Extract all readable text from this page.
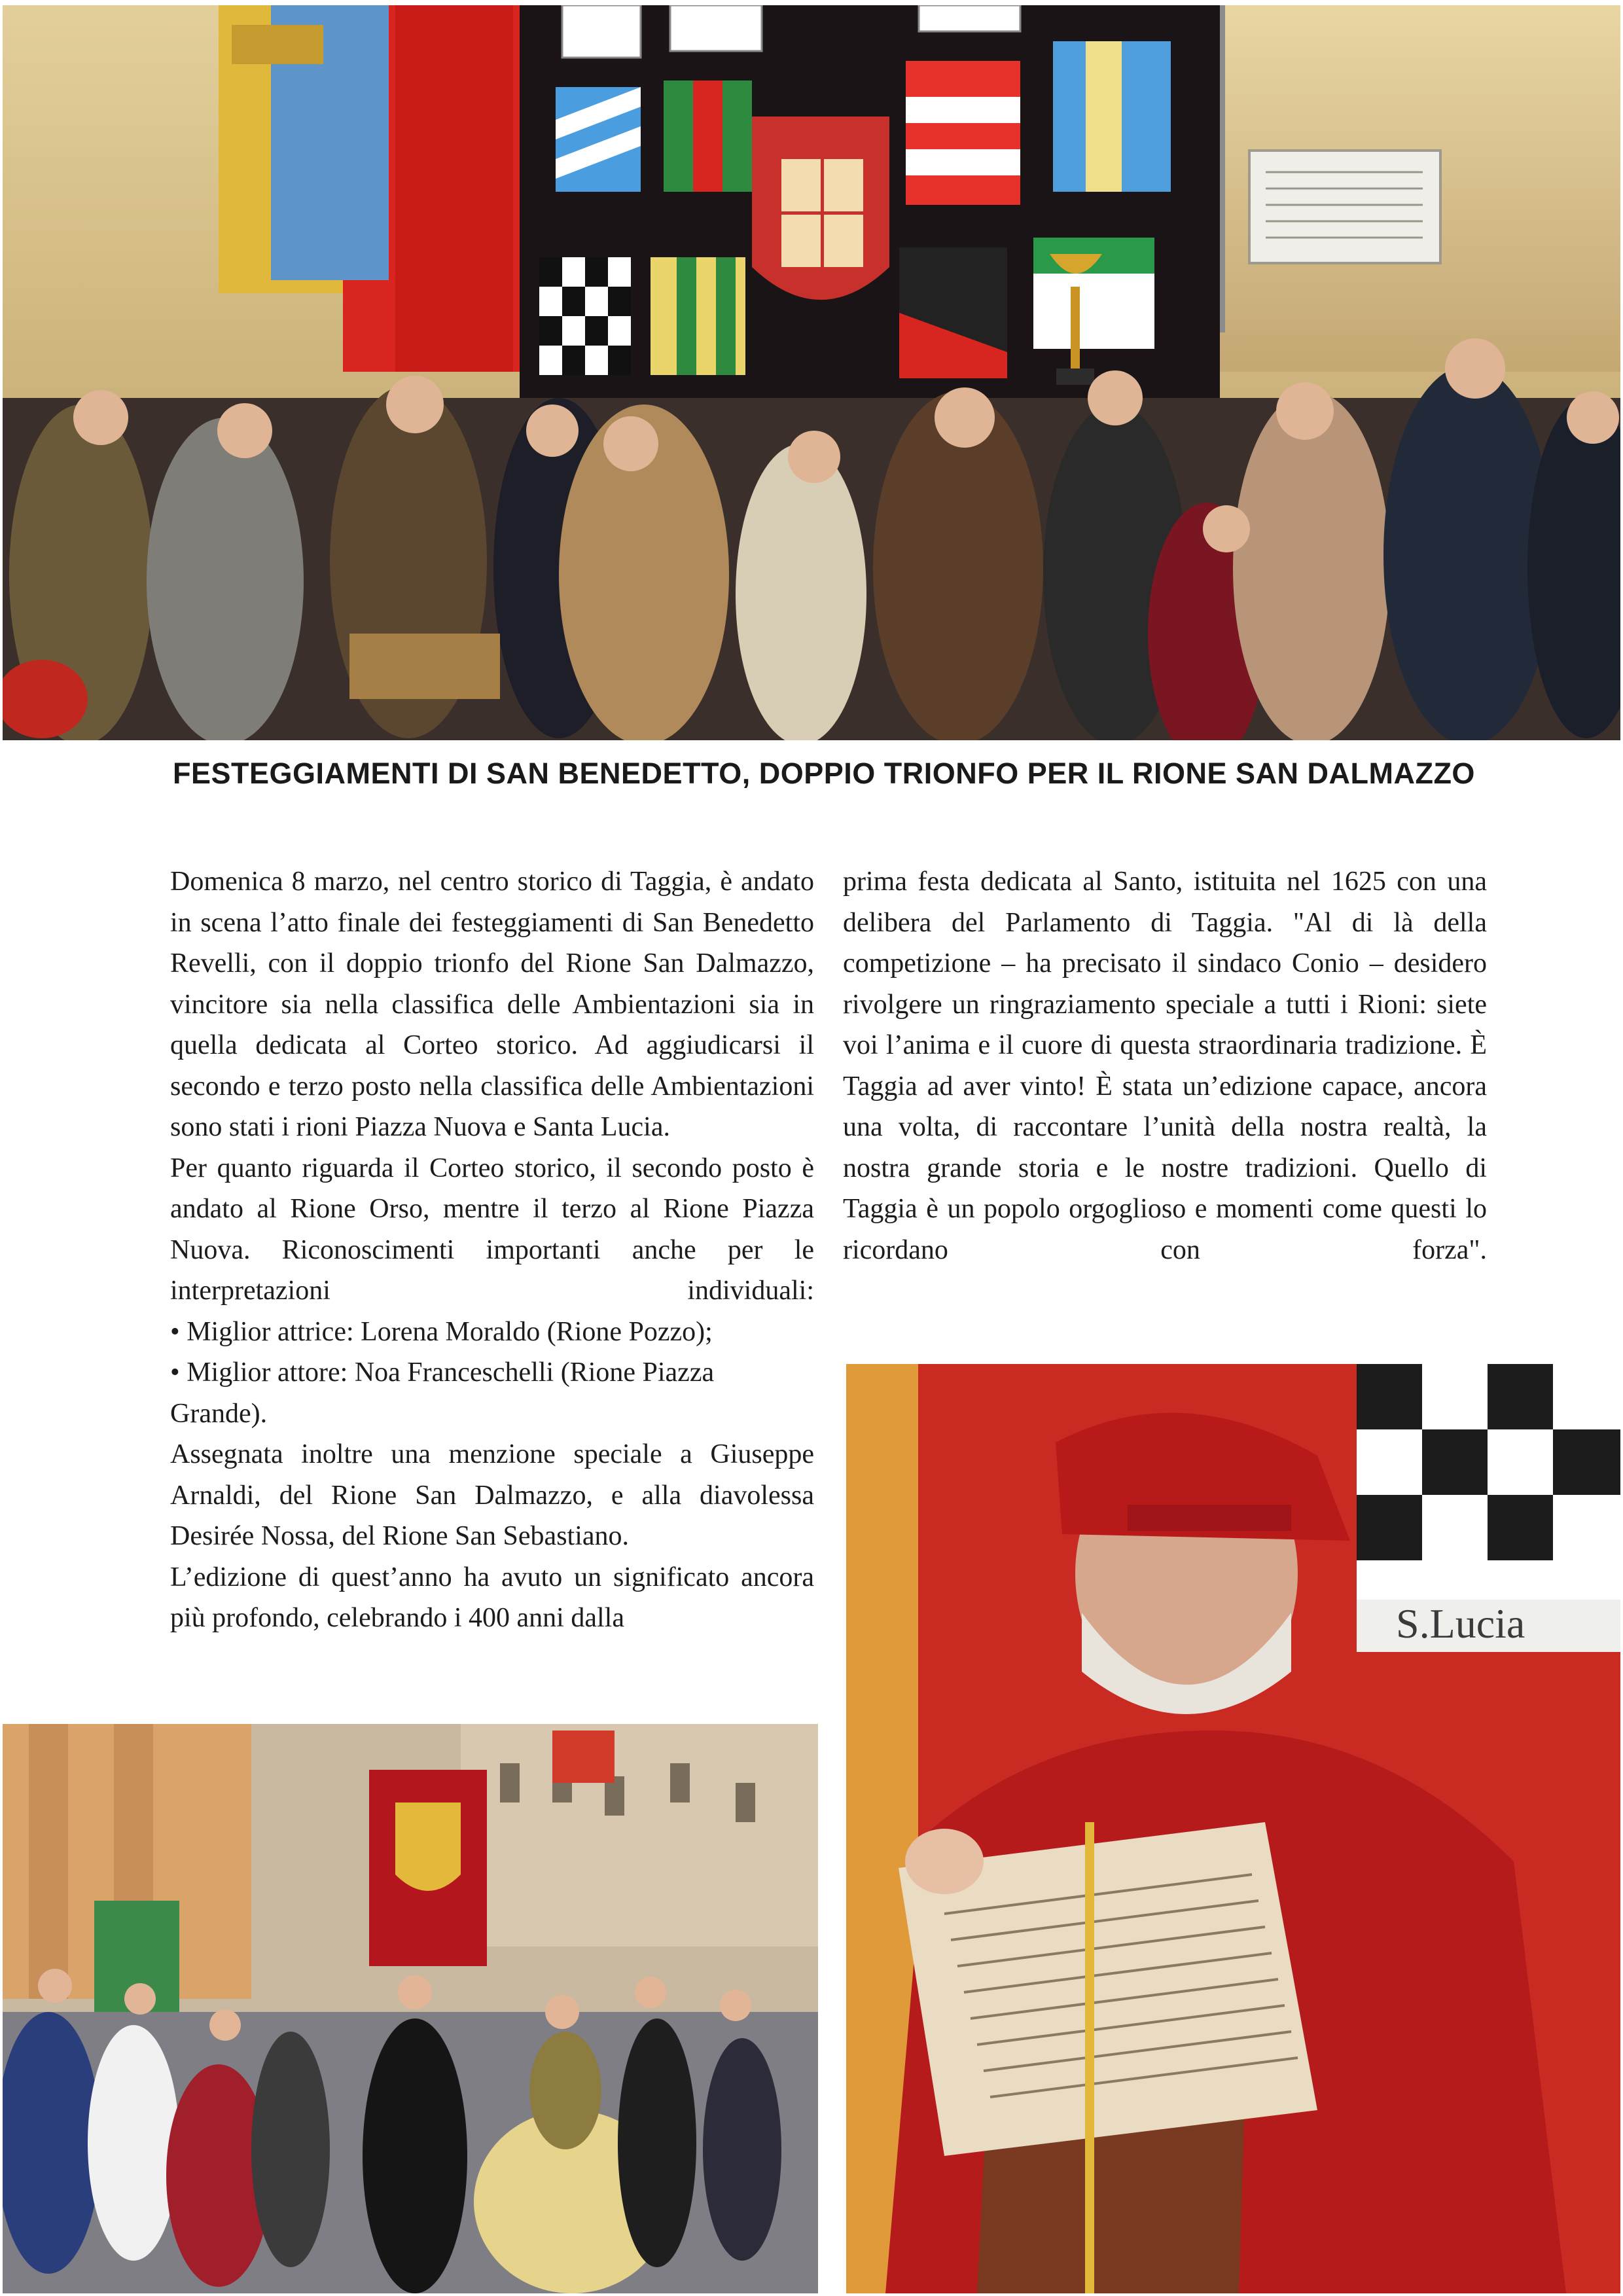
FESTEGGIAMENTI DI SAN BENEDETTO, DOPPIO TRIONFO PER IL RIONE SAN DALMAZZO

Domenica 8 marzo, nel centro storico di Taggia, è andato in scena l’atto finale dei festeggiamenti di San Benedetto Revelli, con il doppio trionfo del Rione San Dalmazzo, vincitore sia nella classifica delle Ambientazioni sia in quella dedicata al Corteo storico. Ad aggiudicarsi il secondo e terzo posto nella classifica delle Ambientazioni sono stati i rioni Piazza Nuova e Santa Lucia.

Per quanto riguarda il Corteo storico, il secondo posto è andato al Rione Orso, mentre il terzo al Rione Piazza Nuova. Riconoscimenti importanti anche per le interpretazioni individuali:

• Miglior attrice: Lorena Moraldo (Rione Pozzo);

• Miglior attore: Noa Franceschelli (Rione Piazza Grande).

Assegnata inoltre una menzione speciale a Giuseppe Arnaldi, del Rione San Dalmazzo, e alla diavolessa Desirée Nossa, del Rione San Sebastiano.

L’edizione di quest’anno ha avuto un significato ancora più profondo, celebrando i 400 anni dalla

prima festa dedicata al Santo, istituita nel 1625 con una delibera del Parlamento di Taggia. "Al di là della competizione – ha precisato il sindaco Conio – desidero rivolgere un ringraziamento speciale a tutti i Rioni: siete voi l’anima e il cuore di questa straordinaria tradizione. È Taggia ad aver vinto! È stata un’edizione capace, ancora una volta, di raccontare l’unità della nostra realtà, la nostra grande storia e le nostre tradizioni. Quello di Taggia è un popolo orgoglioso e momenti come questi lo ricordano con forza".

S.Lucia
